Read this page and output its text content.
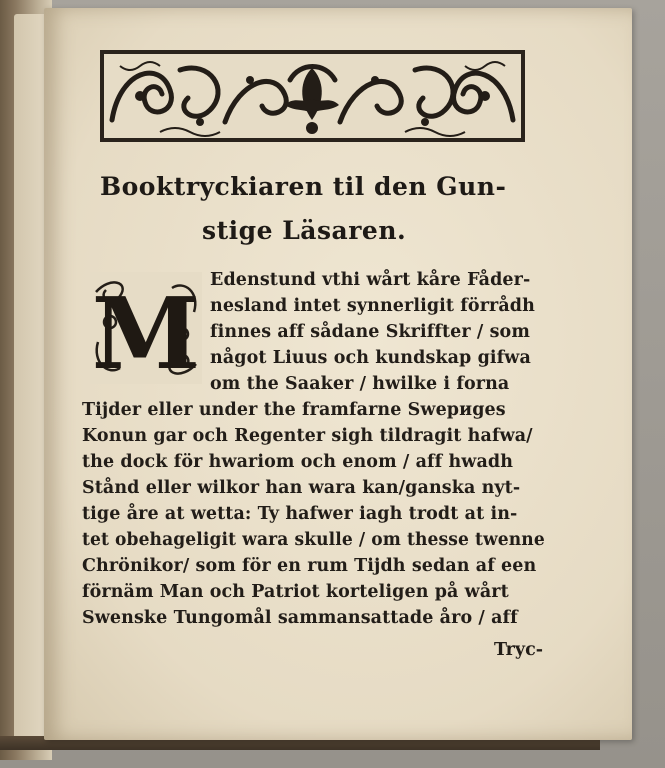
Booktryckiaren til den Gun-
stige Läsaren.
M Edenstund vthi wårt kåre Fåder-
nesland intet synnerligit förrådh
finnes aff sådane Skriffter / som
något Liuus och kundskap gifwa
om the Saaker / hwilke i forna
Tijder eller under the framfarne Swериges
Konun gar och Regenter sigh tildragit hafwa/
the dock för hwariom och enom / aff hwadh
Stånd eller wilkor han wara kan/ganska nyt-
tige åre at wetta: Ty hafwer iagh trodt at in-
tet obehageligit wara skulle / om thesse twenne
Chrönikor/ som för en rum Tijdh sedan af een
förnäm Man och Patriot korteligen på wårt
Swenske Tungomål sammansattade åro / aff
Tryc-
